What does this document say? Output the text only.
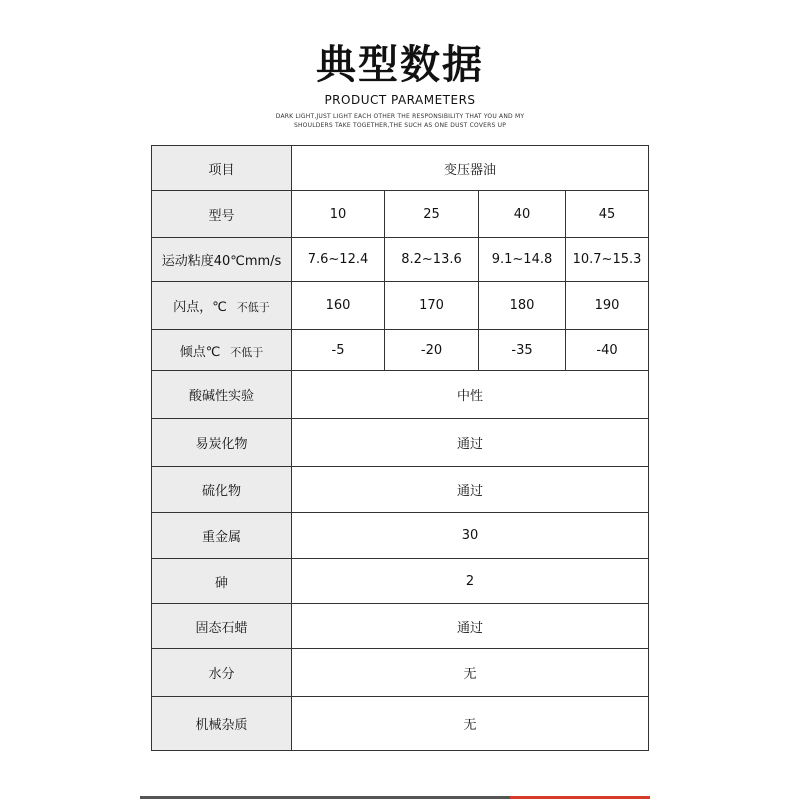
典型数据
PRODUCT PARAMETERS
DARK LIGHT,JUST LIGHT EACH OTHER THE RESPONSIBILITY THAT YOU AND MY
SHOULDERS TAKE TOGETHER,THE SUCH AS ONE DUST COVERS UP
项目	变压器油			
型号	10	25	40	45
运动粘度40℃mm/s	7.6~12.4	8.2~13.6	9.1~14.8	10.7~15.3
闪点，℃ 不低于	160	170	180	190
倾点℃ 不低于	-5	-20	-35	-40
酸碱性实验	中性			
易炭化物	通过			
硫化物	通过			
重金属	30			
砷	2			
固态石蜡	通过			
水分	无			
机械杂质	无			
